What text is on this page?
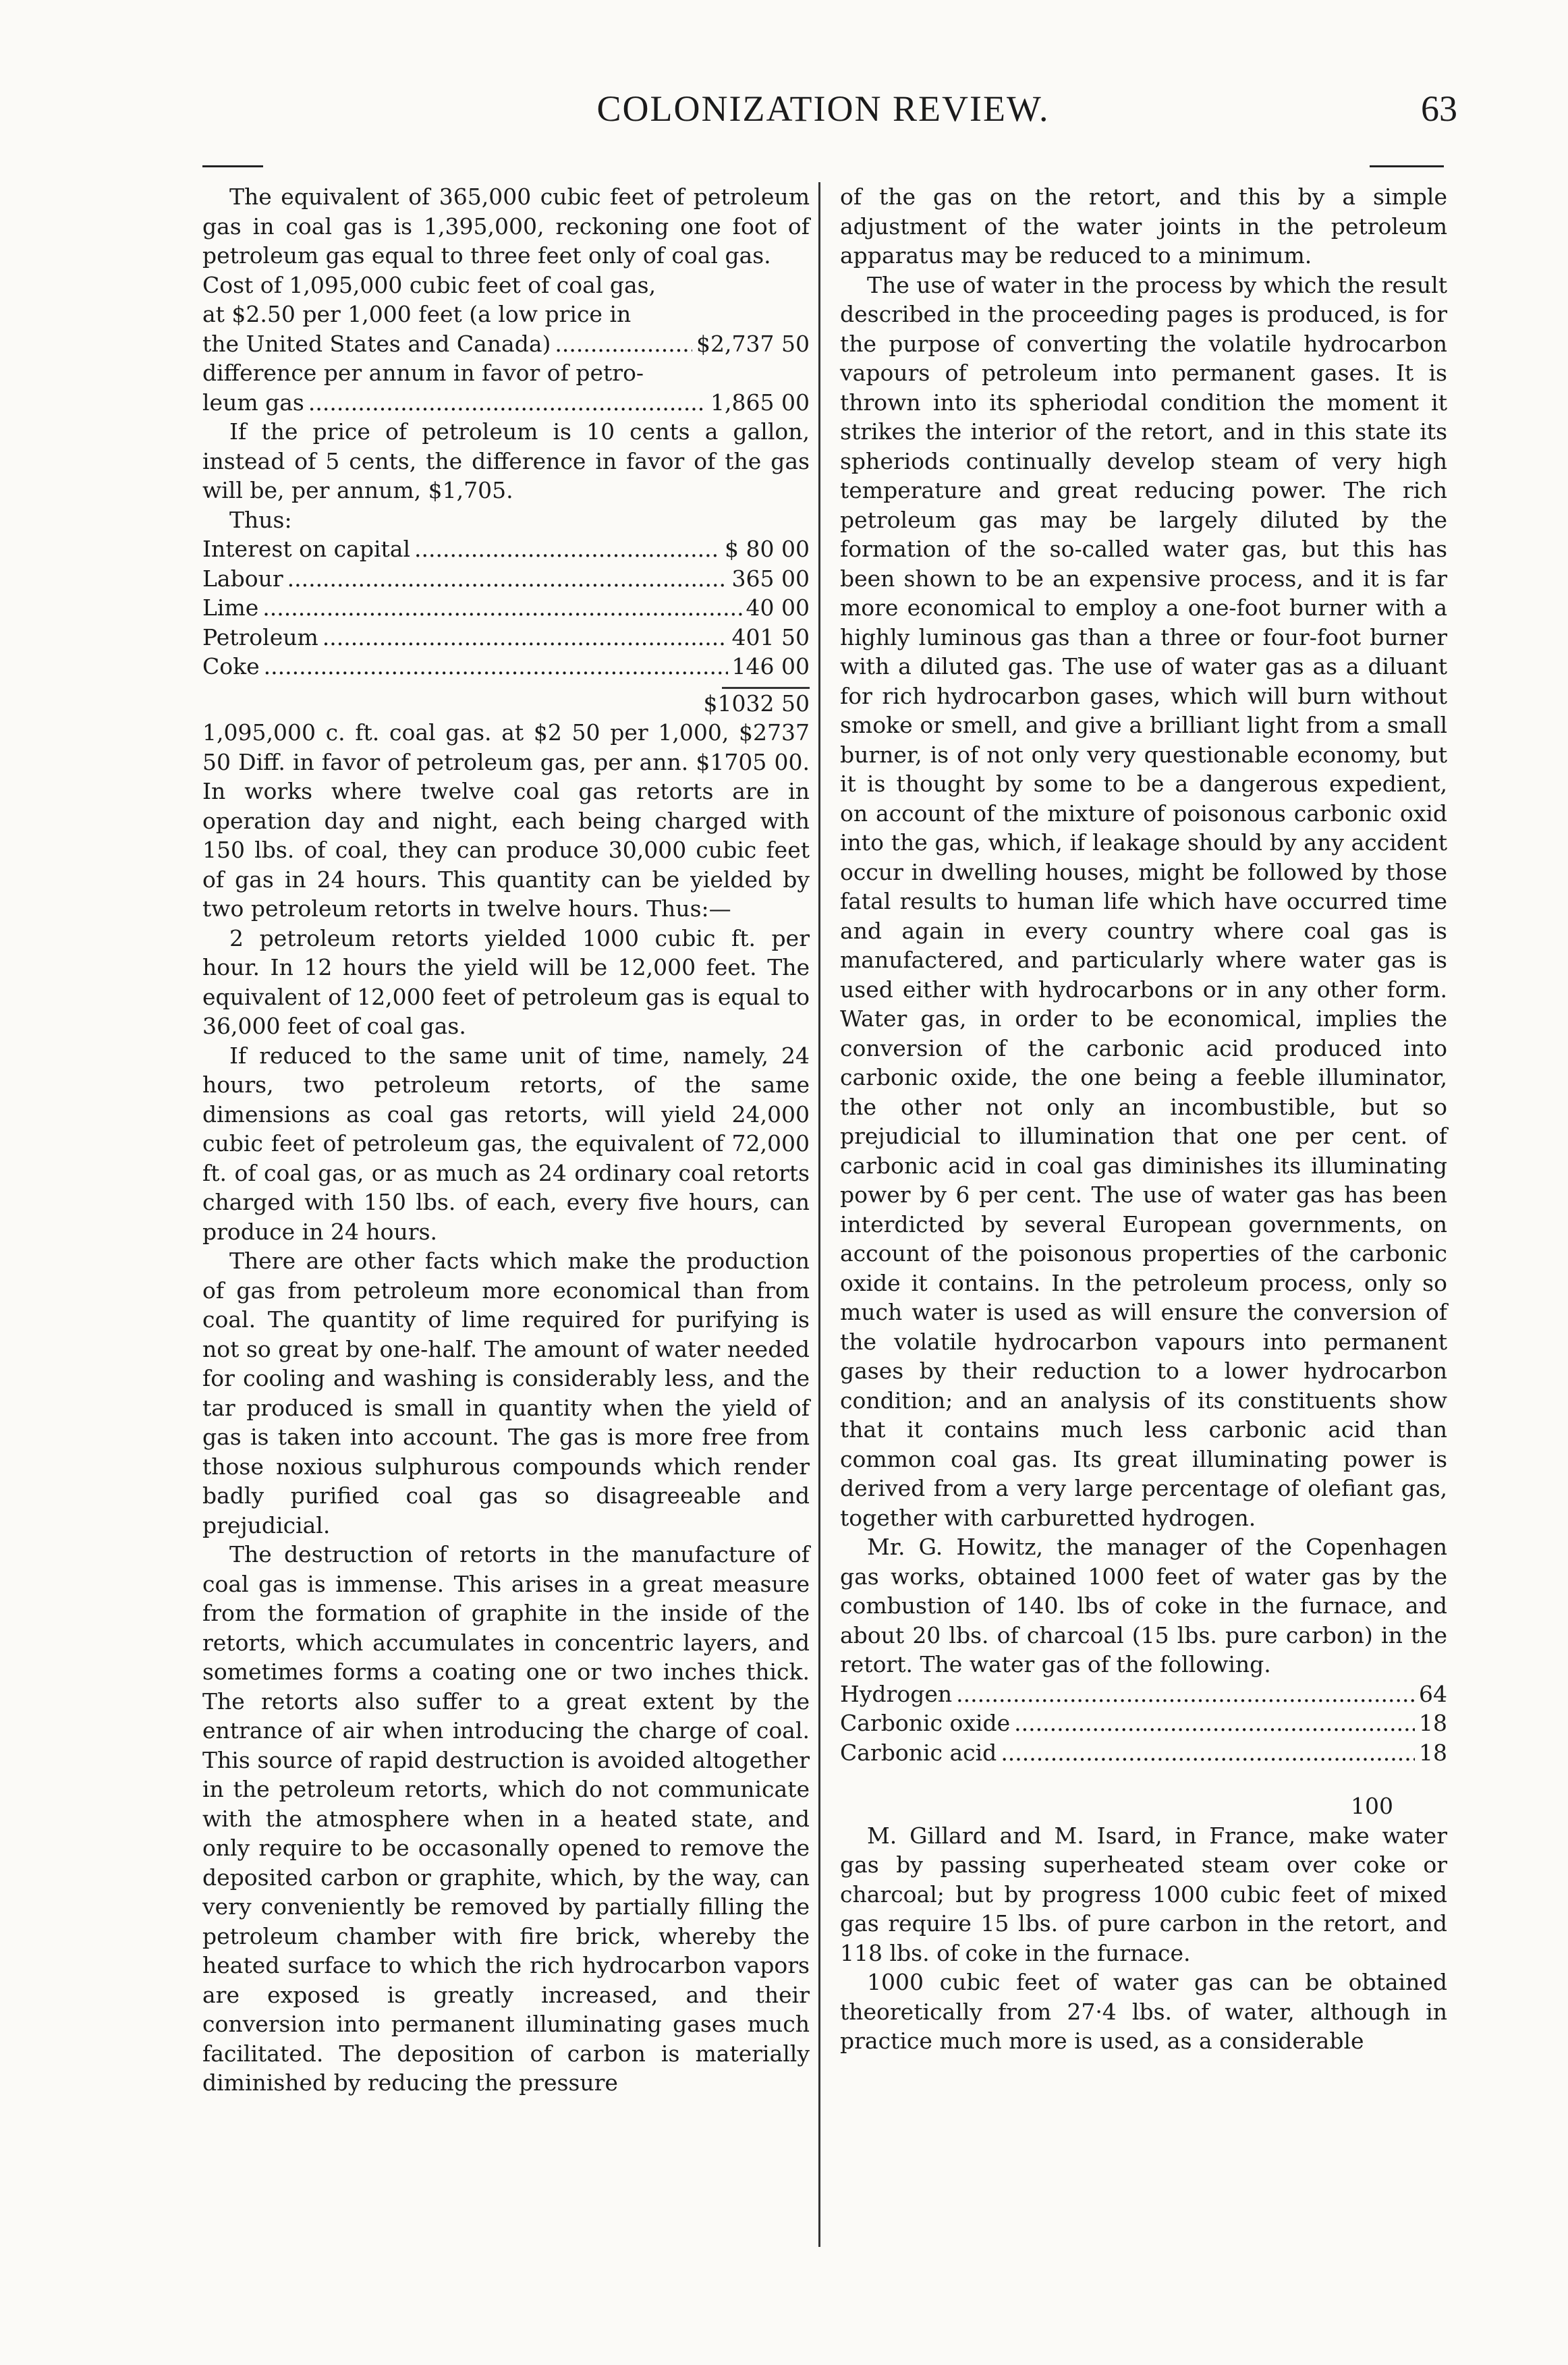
COLONIZATION REVIEW.	63

The equivalent of 365,000 cubic feet of petroleum gas in coal gas is 1,395,000, reckoning one foot of petroleum gas equal to three feet only of coal gas.

Cost of 1,095,000 cubic feet of coal gas,

at $2.50 per 1,000 feet (a low price in

the United States and Canada) .....	$2,737 50

difference per annum in favor of petro-

leum gas .....	1,865 00

If the price of petroleum is 10 cents a gallon, instead of 5 cents, the difference in favor of the gas will be, per annum, $1,705.

Thus:

Interest on capital .....	$ 80 00
Labour .....	365 00
Lime .....	40 00
Petroleum .....	401 50
Coke .....	146 00
$1032 50

1,095,000 c. ft. coal gas. at $2 50 per 1,000, $2737 50 Diff. in favor of petroleum gas, per ann. $1705 00. In works where twelve coal gas retorts are in operation day and night, each being charged with 150 lbs. of coal, they can produce 30,000 cubic feet of gas in 24 hours. This quantity can be yielded by two petroleum retorts in twelve hours. Thus:—

2 petroleum retorts yielded 1000 cubic ft. per hour. In 12 hours the yield will be 12,000 feet. The equivalent of 12,000 feet of petroleum gas is equal to 36,000 feet of coal gas.

If reduced to the same unit of time, namely, 24 hours, two petroleum retorts, of the same dimensions as coal gas retorts, will yield 24,000 cubic feet of petroleum gas, the equivalent of 72,000 ft. of coal gas, or as much as 24 ordinary coal retorts charged with 150 lbs. of each, every five hours, can produce in 24 hours.

There are other facts which make the production of gas from petroleum more economical than from coal. The quantity of lime required for purifying is not so great by one-half. The amount of water needed for cooling and washing is considerably less, and the tar produced is small in quantity when the yield of gas is taken into account. The gas is more free from those noxious sulphurous compounds which render badly purified coal gas so disagreeable and prejudicial.

The destruction of retorts in the manufacture of coal gas is immense. This arises in a great measure from the formation of graphite in the inside of the retorts, which accumulates in concentric layers, and sometimes forms a coating one or two inches thick. The retorts also suffer to a great extent by the entrance of air when introducing the charge of coal. This source of rapid destruction is avoided altogether in the petroleum retorts, which do not communicate with the atmosphere when in a heated state, and only require to be occasonally opened to remove the deposited carbon or graphite, which, by the way, can very conveniently be removed by partially filling the petroleum chamber with fire brick, whereby the heated surface to which the rich hydrocarbon vapors are exposed is greatly increased, and their conversion into permanent illuminating gases much facilitated. The deposition of carbon is materially diminished by reducing the pressure

of the gas on the retort, and this by a simple adjustment of the water joints in the petroleum apparatus may be reduced to a minimum.

The use of water in the process by which the result described in the proceeding pages is produced, is for the purpose of converting the volatile hydrocarbon vapours of petroleum into permanent gases. It is thrown into its spheriodal condition the moment it strikes the interior of the retort, and in this state its spheriods continually develop steam of very high temperature and great reducing power. The rich petroleum gas may be largely diluted by the formation of the so-called water gas, but this has been shown to be an expensive process, and it is far more economical to employ a one-foot burner with a highly luminous gas than a three or four-foot burner with a diluted gas. The use of water gas as a diluant for rich hydrocarbon gases, which will burn without smoke or smell, and give a brilliant light from a small burner, is of not only very questionable economy, but it is thought by some to be a dangerous expedient, on account of the mixture of poisonous carbonic oxid into the gas, which, if leakage should by any accident occur in dwelling houses, might be followed by those fatal results to human life which have occurred time and again in every country where coal gas is manufactered, and particularly where water gas is used either with hydrocarbons or in any other form. Water gas, in order to be economical, implies the conversion of the carbonic acid produced into carbonic oxide, the one being a feeble illuminator, the other not only an incombustible, but so prejudicial to illumination that one per cent. of carbonic acid in coal gas diminishes its illuminating power by 6 per cent. The use of water gas has been interdicted by several European governments, on account of the poisonous properties of the carbonic oxide it contains. In the petroleum process, only so much water is used as will ensure the conversion of the volatile hydrocarbon vapours into permanent gases by their reduction to a lower hydrocarbon condition; and an analysis of its constituents show that it contains much less carbonic acid than common coal gas. Its great illuminating power is derived from a very large percentage of olefiant gas, together with carburetted hydrogen.

Mr. G. Howitz, the manager of the Copenhagen gas works, obtained 1000 feet of water gas by the combustion of 140. lbs of coke in the furnace, and about 20 lbs. of charcoal (15 lbs. pure carbon) in the retort. The water gas of the following.

Hydrogen .....	64
Carbonic oxide .....	18
Carbonic acid .....	18
100

M. Gillard and M. Isard, in France, make water gas by passing superheated steam over coke or charcoal; but by progress 1000 cubic feet of mixed gas require 15 lbs. of pure carbon in the retort, and 118 lbs. of coke in the furnace.

1000 cubic feet of water gas can be obtained theoretically from 27·4 lbs. of water, although in practice much more is used, as a considerable
